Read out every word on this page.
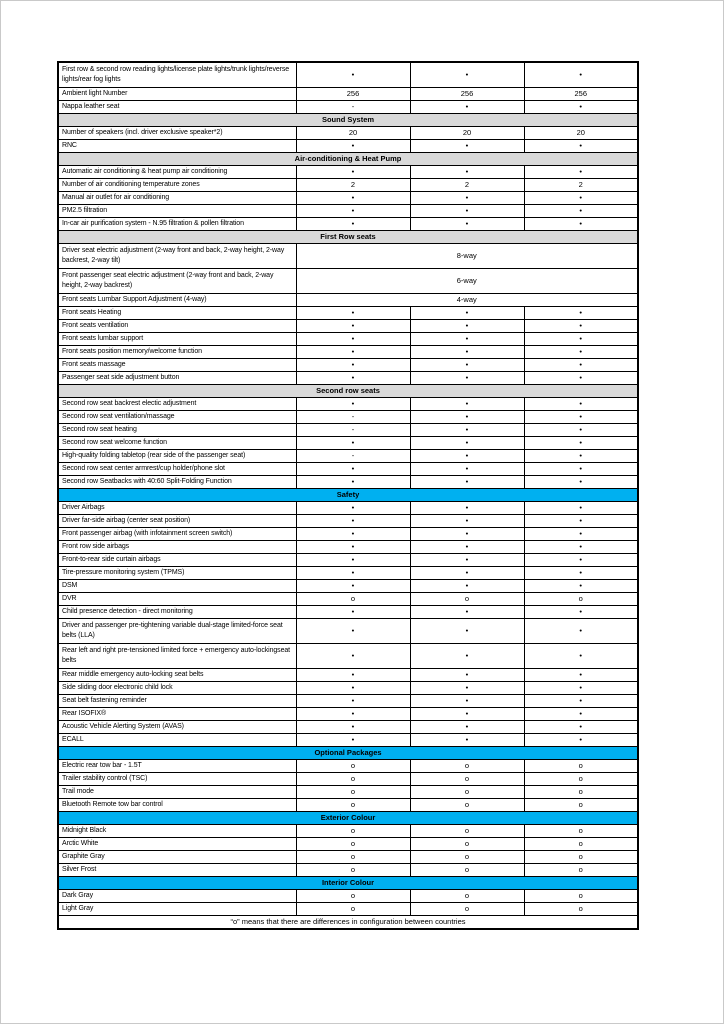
First row & second row reading lights/license plate lights/trunk lights/reverse lights/rear fog lights	•	•	•
Ambient light Number	256	256	256
Nappa leather seat	-	•	•
Sound System			
Number of speakers (incl. driver exclusive speaker*2)	20	20	20
RNC	•	•	•
Air-conditioning & Heat Pump			
Automatic air conditioning & heat pump air conditioning	•	•	•
Number of air conditioning temperature zones	2	2	2
Manual air outlet for air conditioning	•	•	•
PM2.5 filtration	•	•	•
In-car air purification system - N.95 filtration & pollen filtration	•	•	•
First Row seats			
Driver seat electric adjustment (2-way front and back, 2-way height, 2-way backrest, 2-way tilt)	8-way		
Front passenger seat electric adjustment (2-way front and back, 2-way height, 2-way backrest)	6-way		
Front seats Lumbar Support Adjustment (4-way)	4-way		
Front seats Heating	•	•	•
Front seats ventilation	•	•	•
Front seats lumbar support	•	•	•
Front seats position memory/welcome function	•	•	•
Front seats massage	•	•	•
Passenger seat side adjustment button	•	•	•
Second row seats			
Second row seat backrest electic adjustment	•	•	•
Second row seat ventilation/massage	-	•	•
Second row seat heating	-	•	•
Second row seat welcome function	•	•	•
High-quality folding tabletop (rear side of the passenger seat)	-	•	•
Second row seat center armrest/cup holder/phone slot	•	•	•
Second row Seatbacks with 40:60 Split-Folding Function	•	•	•
Safety			
Driver Airbags	•	•	•
Driver far-side airbag (center seat position)	•	•	•
Front passenger airbag (with infotainment screen switch)	•	•	•
Front row side airbags	•	•	•
Front-to-rear side curtain airbags	•	•	•
Tire-pressure monitoring system (TPMS)	•	•	•
DSM	•	•	•
DVR	o	o	o
Child presence detection - direct monitoring	•	•	•
Driver and passenger pre-tightening variable dual-stage limited-force seat belts (LLA)	•	•	•
Rear left and right pre-tensioned limited force + emergency auto-lockingseat belts	•	•	•
Rear middle emergency auto-locking seat belts	•	•	•
Side sliding door electronic child lock	•	•	•
Seat belt fastening reminder	•	•	•
Rear ISOFIX®	•	•	•
Acoustic Vehicle Alerting System (AVAS)	•	•	•
ECALL	•	•	•
Optional Packages			
Electric rear tow bar - 1.5T	o	o	o
Trailer stability control (TSC)	o	o	o
Trail mode	o	o	o
Bluetooth Remote tow bar control	o	o	o
Exterior Colour			
Midnight Black	o	o	o
Arctic White	o	o	o
Graphite Gray	o	o	o
Silver Frost	o	o	o
Interior Colour			
Dark Gray	o	o	o
Light Gray	o	o	o
“o” means that there are differences in configuration between countries			
